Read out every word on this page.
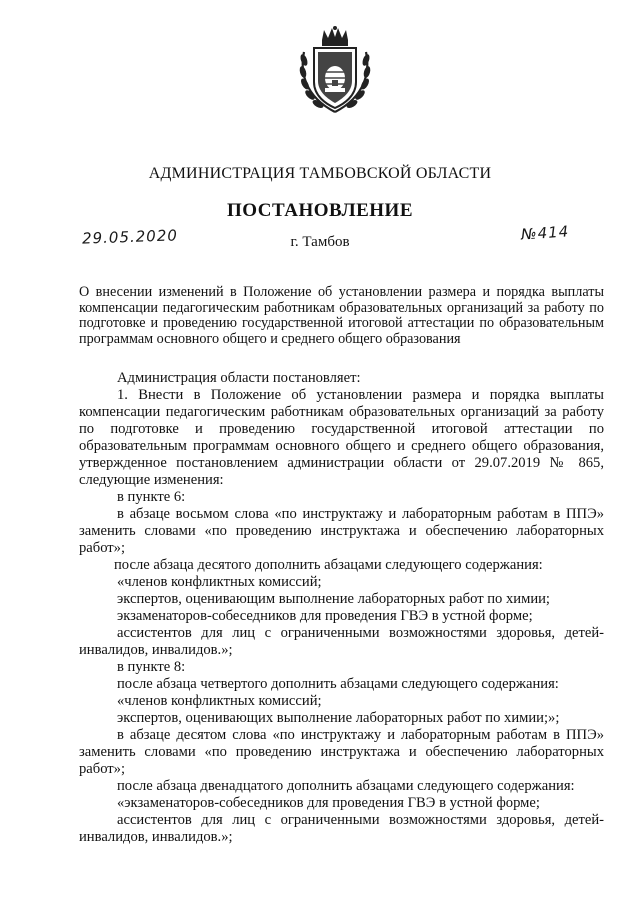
АДМИНИСТРАЦИЯ ТАМБОВСКОЙ ОБЛАСТИ
ПОСТАНОВЛЕНИЕ
29.05.2020	г. Тамбов	№414
О внесении изменений в Положение об установлении размера и порядка выплаты компенсации педагогическим работникам образовательных организаций за работу по подготовке и проведению государственной итоговой аттестации по образовательным программам основного общего и среднего общего образования

Администрация области постановляет:

1. Внести в Положение об установлении размера и порядка выплаты компенсации педагогическим работникам образовательных организаций за работу по подготовке и проведению государственной итоговой аттестации по образовательным программам основного общего и среднего общего образования, утвержденное постановлением администрации области от 29.07.2019 № 865, следующие изменения:

в пункте 6:

в абзаце восьмом слова «по инструктажу и лабораторным работам в ППЭ» заменить словами «по проведению инструктажа и обеспечению лабораторных работ»;

после абзаца десятого дополнить абзацами следующего содержания:

«членов конфликтных комиссий;

экспертов, оценивающим выполнение лабораторных работ по химии;

экзаменаторов-собеседников для проведения ГВЭ в устной форме;

ассистентов для лиц с ограниченными возможностями здоровья, детей-инвалидов, инвалидов.»;

в пункте 8:

после абзаца четвертого дополнить абзацами следующего содержания:

«членов конфликтных комиссий;

экспертов, оценивающих выполнение лабораторных работ по химии;»;

в абзаце десятом слова «по инструктажу и лабораторным работам в ППЭ» заменить словами «по проведению инструктажа и обеспечению лабораторных работ»;

после абзаца двенадцатого дополнить абзацами следующего содержания:

«экзаменаторов-собеседников для проведения ГВЭ в устной форме;

ассистентов для лиц с ограниченными возможностями здоровья, детей-инвалидов, инвалидов.»;
